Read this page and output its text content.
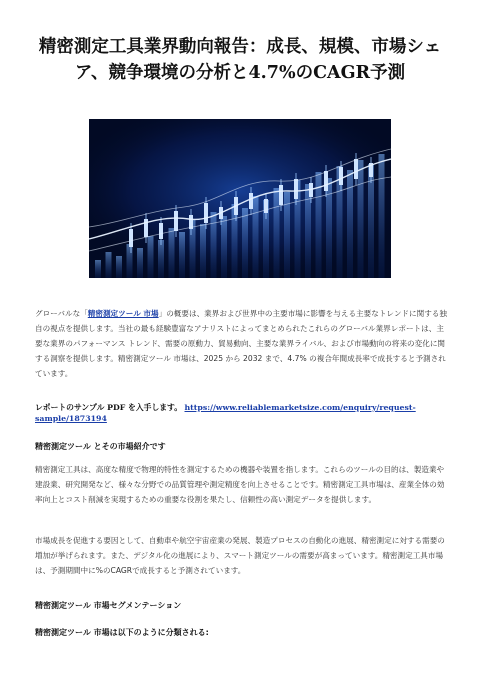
精密測定工具業界動向報告：成長、規模、市場シェア、競争環境の分析と4.7%のCAGR予測
グローバルな「精密測定ツール 市場」の概要は、業界および世界中の主要市場に影響を与える主要なトレンドに関する独自の視点を提供します。当社の最も経験豊富なアナリストによってまとめられたこれらのグローバル業界レポートは、主要な業界のパフォーマンス トレンド、需要の原動力、貿易動向、主要な業界ライバル、および市場動向の将来の変化に関する洞察を提供します。精密測定ツール 市場は、2025 から 2032 まで、4.7% の複合年間成長率で成長すると予測されています。
レポートのサンプル PDF を入手します。 https://www.reliablemarketsize.com/enquiry/request-sample/1873194
精密測定ツール とその市場紹介です
精密測定工具は、高度な精度で物理的特性を測定するための機器や装置を指します。これらのツールの目的は、製造業や建設業、研究開発など、様々な分野での品質管理や測定精度を向上させることです。精密測定工具市場は、産業全体の効率向上とコスト削減を実現するための重要な役割を果たし、信頼性の高い測定データを提供します。
市場成長を促進する要因として、自動車や航空宇宙産業の発展、製造プロセスの自動化の進展、精密測定に対する需要の増加が挙げられます。また、デジタル化の進展により、スマート測定ツールの需要が高まっています。精密測定工具市場は、予測期間中に%のCAGRで成長すると予測されています。
精密測定ツール 市場セグメンテーション
精密測定ツール 市場は以下のように分類される:
